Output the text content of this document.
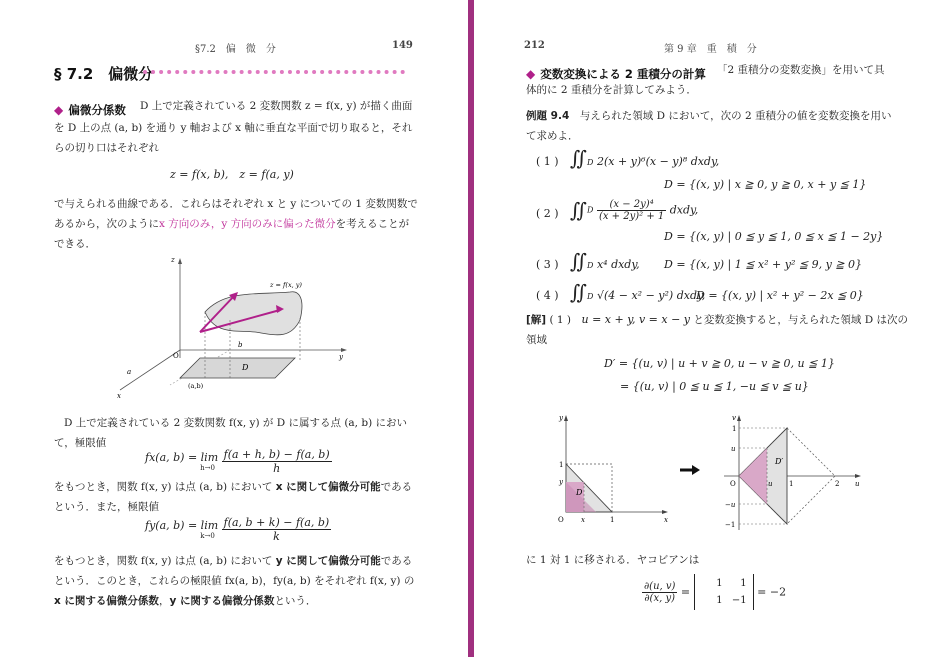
§7.2　偏　微　分	149
§ 7.2　偏微分
◆ 偏微分係数 D 上で定義されている 2 変数関数 z = f(x, y) が描く曲面
を D 上の点 (a, b) を通り y 軸および x 軸に垂直な平面で切り取ると，それ
らの切り口はそれぞれ
z = f(x, b),　z = f(a, y)
で与えられる曲線である．これらはそれぞれ x と y についての 1 変数関数で
あるから，次のようにx 方向のみ，y 方向のみに偏った微分を考えることが
できる．
z
y
x
O
a
b
D
(a,b)
z = f(x, y)
D 上で定義されている 2 変数関数 f(x, y) が D に属する点 (a, b) におい
て，極限値
fx(a, b) = lim
h→0
$\frac{f(a + h, b) - f(a, b)}{h}$
をもつとき，関数 f(x, y) は点 (a, b) において x に関して偏微分可能である
という．また，極限値
fy(a, b) = lim
k→0
$\frac{f(a, b + k) - f(a, b)}{k}$
をもつとき，関数 f(x, y) は点 (a, b) において y に関して偏微分可能である
という．このとき，これらの極限値 fx(a, b)，fy(a, b) をそれぞれ f(x, y) の
x に関する偏微分係数，y に関する偏微分係数という．
212	第 9 章　重　積　分
◆ 変数変換による 2 重積分の計算 「2 重積分の変数変換」を用いて具
体的に 2 重積分を計算してみよう．
例題 9.4　 与えられた領域 D において，次の 2 重積分の値を変数変換を用い
て求めよ．
( 1 ) ∬D 2(x + y)⁶(x − y)⁸ dxdy,
D = {(x, y) | x ≧ 0, y ≧ 0, x + y ≦ 1}
( 2 ) ∬D $\frac{\text{(x − 2y)⁴}}{\text{(x + 2y)² + 1}}$ dxdy,
D = {(x, y) | 0 ≦ y ≦ 1, 0 ≦ x ≦ 1 − 2y}
( 3 ) ∬D x⁴ dxdy, D = {(x, y) | 1 ≦ x² + y² ≦ 9, y ≧ 0}
( 4 ) ∬D √(4 − x² − y²) dxdy,
D = {(x, y) | x² + y² − 2x ≦ 0}
[解] ( 1 )　 u = x + y, v = x − y と変数変換すると，与えられた領域 D は次の
領域
D′ = {(u, v) | u + v ≧ 0, u − v ≧ 0, u ≦ 1}
= {(u, v) | 0 ≦ u ≦ 1, −u ≦ v ≦ u}
y
x
O
1
1
y
x
D
v
u
O
1
1	2
−1
u
−u
u
D′
に 1 対 1 に移される．ヤコビアンは
$\frac{\partial(u, v)}{\partial(x, y)} = 1$ 1
1 −1 = −2
